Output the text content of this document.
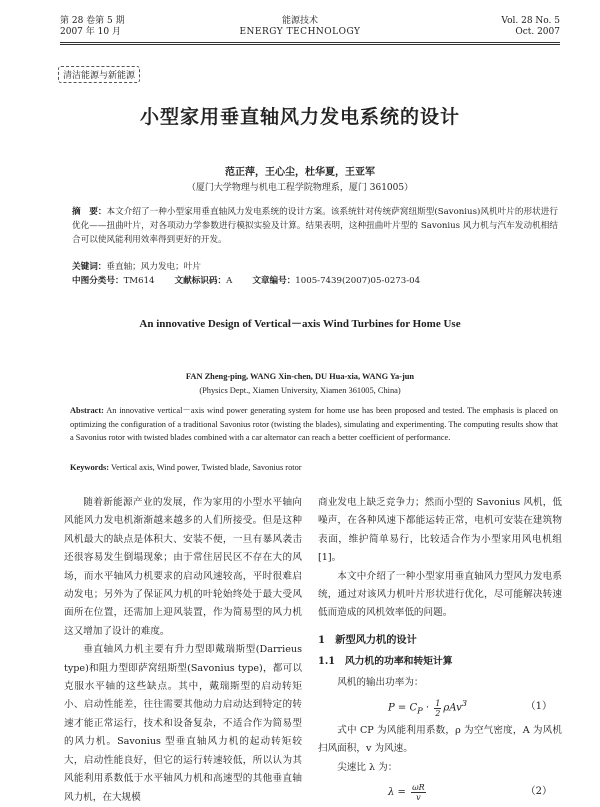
第 28 卷第 5 期
2007 年 10 月
能源技术
ENERGY TECHNOLOGY
Vol. 28 No. 5
Oct. 2007
清洁能源与新能源
小型家用垂直轴风力发电系统的设计
范正萍，王心尘，杜华夏，王亚军
（厦门大学物理与机电工程学院物理系，厦门 361005）
摘　要：本文介绍了一种小型家用垂直轴风力发电系统的设计方案。该系统针对传统萨窝纽斯型(Savonius)风机叶片的形状进行优化——扭曲叶片，对各项动力学参数进行模拟实验及计算。结果表明，这种扭曲叶片型的 Savonius 风力机与汽车发动机相结合可以使风能利用效率得到更好的开发。
关键词：垂直轴；风力发电；叶片
中图分类号：TM614 文献标识码：A 文章编号：1005-7439(2007)05-0273-04
An innovative Design of Vertical－axis Wind Turbines for Home Use
FAN Zheng-ping, WANG Xin-chen, DU Hua-xia, WANG Ya-jun
(Physics Dept., Xiamen University, Xiamen 361005, China)
Abstract: An innovative vertical－axis wind power generating system for home use has been proposed and tested. The emphasis is placed on optimizing the configuration of a traditional Savonius rotor (twisting the blades), simulating and experimenting. The computing results show that a Savonius rotor with twisted blades combined with a car alternator can reach a better coefficient of performance.
Keywords: Vertical axis, Wind power, Twisted blade, Savonius rotor

随着新能源产业的发展，作为家用的小型水平轴向风能风力发电机渐渐越来越多的人们所接受。但是这种风机最大的缺点是体积大、安装不便，一旦有暴风袭击还很容易发生倒塌现象；由于常住居民区不存在大的风场，而水平轴风力机要求的启动风速较高，平时很难启动发电；另外为了保证风力机的叶轮始终处于最大受风面所在位置，还需加上迎风装置，作为简易型的风力机这又增加了设计的难度。

垂直轴风力机主要有升力型即戴瑞斯型(Darrieus type)和阻力型即萨窝纽斯型(Savonius type)，都可以克服水平轴的这些缺点。其中，戴瑞斯型的启动转矩小、启动性能差，往往需要其他动力启动达到特定的转速才能正常运行，技术和设备复杂，不适合作为简易型的风力机。Savonius 型垂直轴风力机的起动转矩较大，启动性能良好，但它的运行转速较低，所以认为其风能利用系数低于水平轴风力机和高速型的其他垂直轴风力机，在大规模

商业发电上缺乏竞争力；然而小型的 Savonius 风机，低噪声，在各种风速下都能运转正常，电机可安装在建筑物表面，维护简单易行，比较适合作为小型家用风电机组[1]。

本文中介绍了一种小型家用垂直轴风力型风力发电系统，通过对该风力机叶片形状进行优化，尽可能解决转速低而造成的风机效率低的问题。

1　新型风力机的设计
1.1　风力机的功率和转矩计算

风机的输出功率为：

$P = C_P \cdot \frac{1}{2} \rho Av^3$	（1）

式中 CP 为风能利用系数，ρ 为空气密度，A 为风机扫风面积，v 为风速。

尖速比 λ 为：

$\lambda = \frac{\omega R}{v}$	（2）
